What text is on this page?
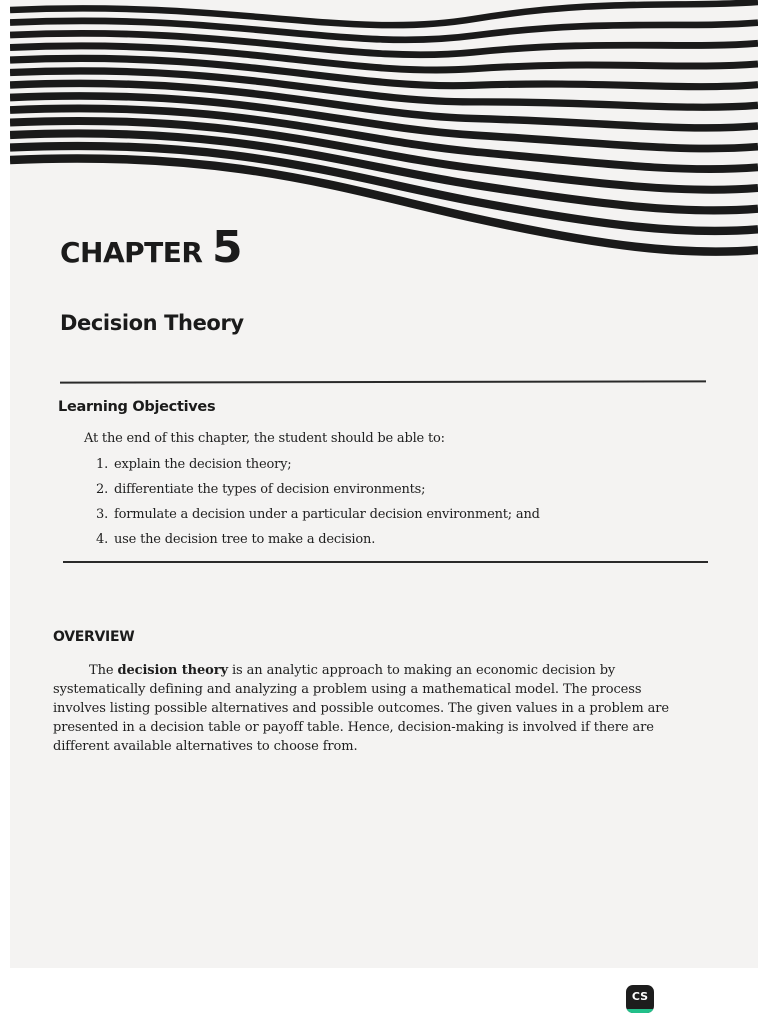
CHAPTER 5
Decision Theory
Learning Objectives
At the end of this chapter, the student should be able to:
1. explain the decision theory;
2. differentiate the types of decision environments;
3. formulate a decision under a particular decision environment; and
4. use the decision tree to make a decision.
OVERVIEW
The decision theory is an analytic approach to making an economic decision by
systematically defining and analyzing a problem using a mathematical model. The process
involves listing possible alternatives and possible outcomes. The given values in a problem are
presented in a decision table or payoff table. Hence, decision-making is involved if there are
different available alternatives to choose from.
CS
